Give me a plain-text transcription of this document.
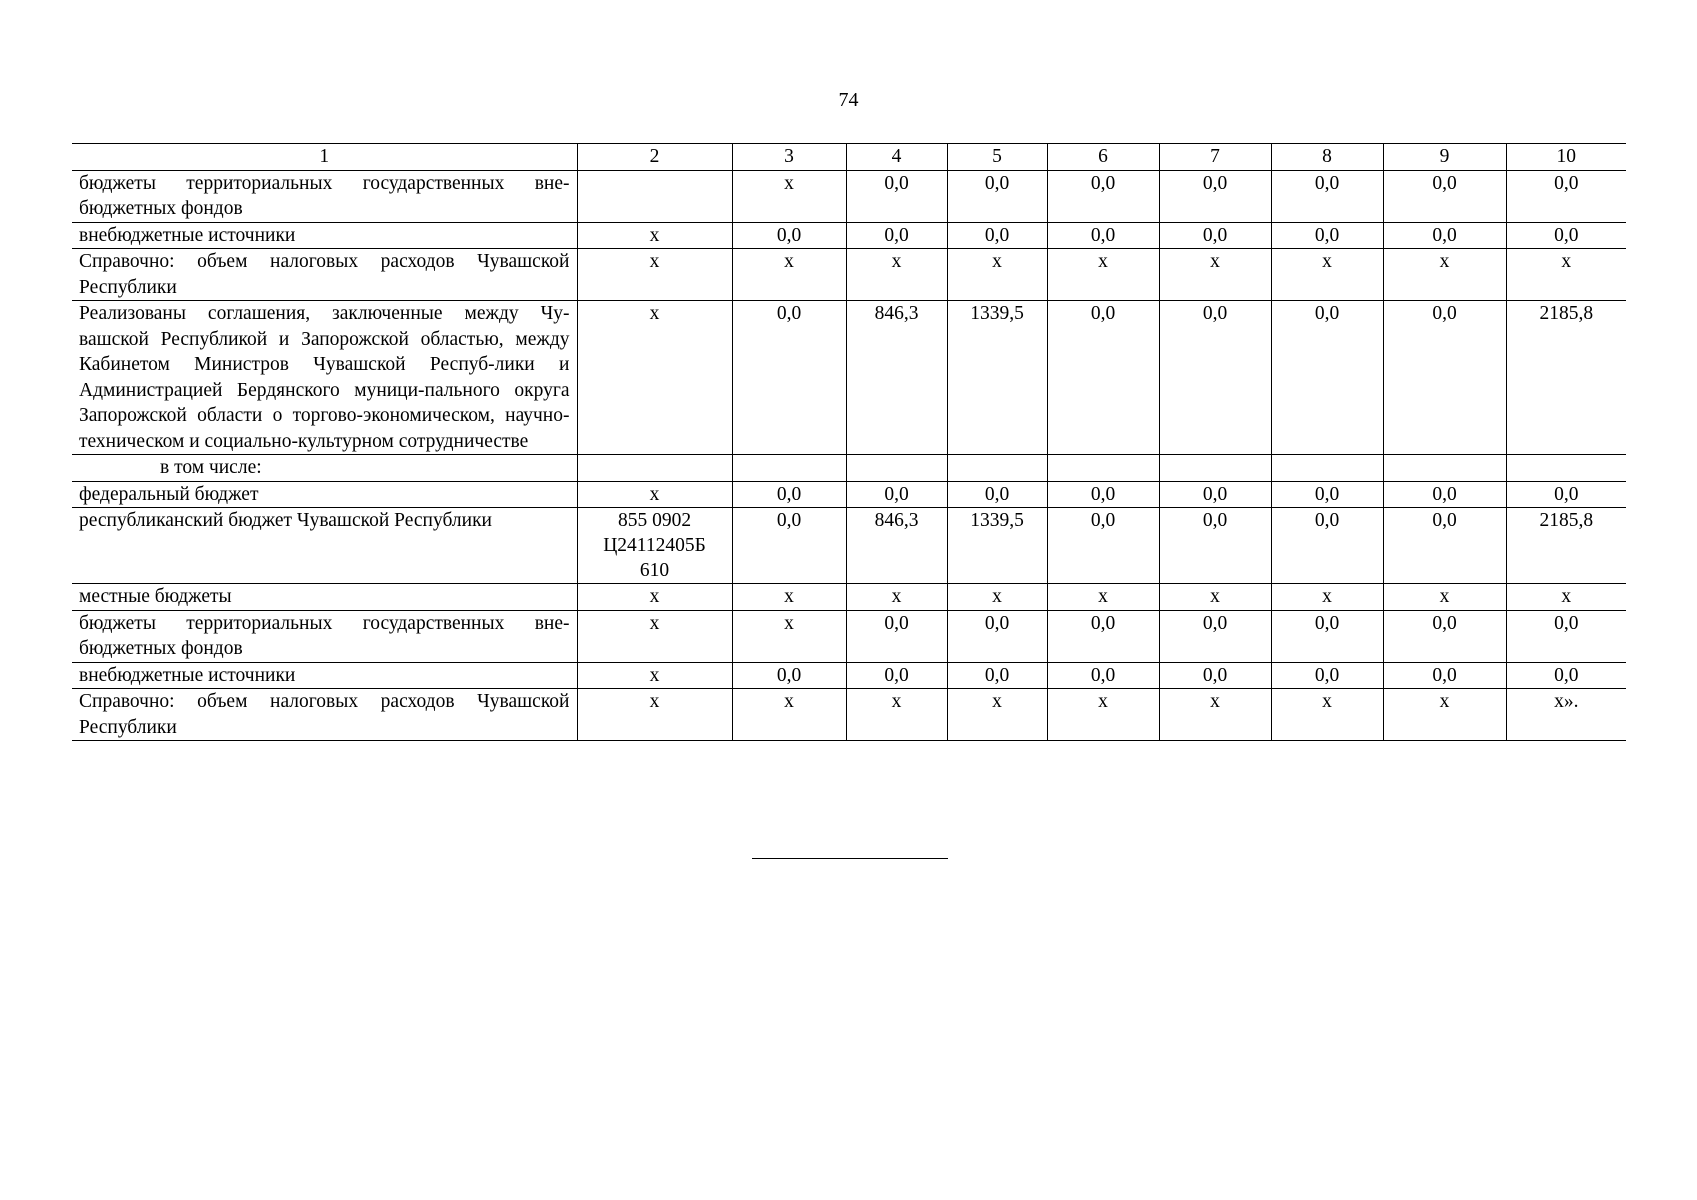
74
1	2	3	4	5	6	7	8	9	10
бюджеты территориальных государственных вне-бюджетных фондов		х	0,0	0,0	0,0	0,0	0,0	0,0	0,0
внебюджетные источники	х	0,0	0,0	0,0	0,0	0,0	0,0	0,0	0,0
Справочно: объем налоговых расходов Чувашской Республики	х	х	х	х	х	х	х	х	х
Реализованы соглашения, заключенные между Чу-вашской Республикой и Запорожской областью, между Кабинетом Министров Чувашской Респуб-лики и Администрацией Бердянского муници-пального округа Запорожской области о торгово-экономическом, научно-техническом и социально-культурном сотрудничестве	х	0,0	846,3	1339,5	0,0	0,0	0,0	0,0	2185,8
в том числе:									
федеральный бюджет	х	0,0	0,0	0,0	0,0	0,0	0,0	0,0	0,0
республиканский бюджет Чувашской Республики	855 0902
Ц24112405Б
610	0,0	846,3	1339,5	0,0	0,0	0,0	0,0	2185,8
местные бюджеты	х	х	х	х	х	х	х	х	х
бюджеты территориальных государственных вне-бюджетных фондов	х	х	0,0	0,0	0,0	0,0	0,0	0,0	0,0
внебюджетные источники	х	0,0	0,0	0,0	0,0	0,0	0,0	0,0	0,0
Справочно: объем налоговых расходов Чувашской Республики	х	х	х	х	х	х	х	х	х».
